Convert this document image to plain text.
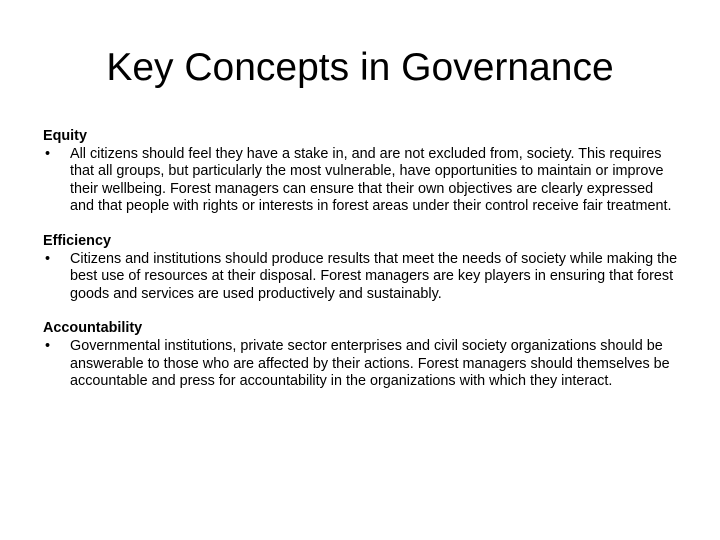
Key Concepts in Governance
Equity
•	All citizens should feel they have a stake in, and are not excluded from, society. This requires that all groups, but particularly the most vulnerable, have opportunities to maintain or improve their wellbeing. Forest managers can ensure that their own objectives are clearly expressed and that people with rights or interests in forest areas under their control receive fair treatment.
Efficiency
•	Citizens and institutions should produce results that meet the needs of society while making the best use of resources at their disposal. Forest managers are key players in ensuring that forest goods and services are used productively and sustainably.
Accountability
•	Governmental institutions, private sector enterprises and civil society organizations should be answerable to those who are affected by their actions. Forest managers should themselves be accountable and press for accountability in the organizations with which they interact.
